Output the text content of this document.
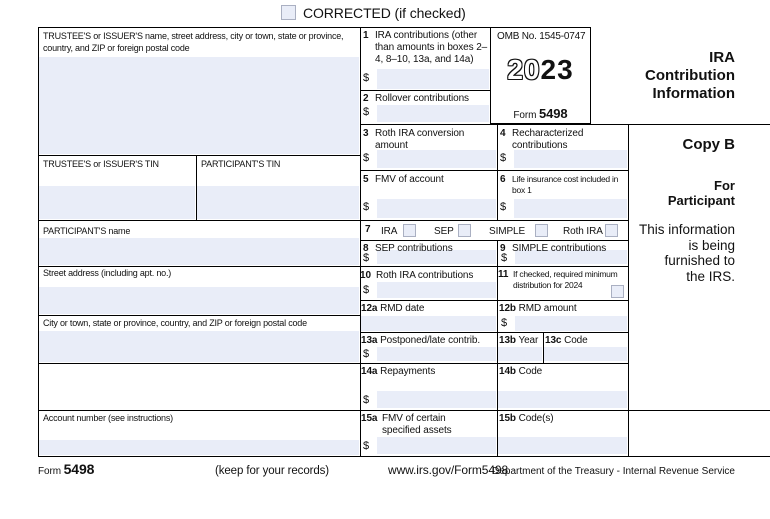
CORRECTED (if checked)
TRUSTEE'S or ISSUER'S name, street address, city or town, state or province, country, and ZIP or foreign postal code
TRUSTEE'S or ISSUER'S TIN	PARTICIPANT'S TIN
PARTICIPANT'S name
Street address (including apt. no.)
City or town, state or province, country, and ZIP or foreign postal code
Account number (see instructions)
OMB No. 1545-0747
2023
Form 5498
IRA
Contribution
Information
Copy B
For
Participant
This information
is being
furnished to
the IRS.
1 IRA contributions (other than amounts in boxes 2–4, 8–10, 13a, and 14a)
$
2 Rollover contributions
$
3 Roth IRA conversion amount
$
4 Recharacterized contributions
$
5 FMV of account
$
6 Life insurance cost included in box 1
$
7 IRA	SEP	SIMPLE	Roth IRA
8 SEP contributions
$
9 SIMPLE contributions
$
10 Roth IRA contributions
$
11 If checked, required minimum distribution for 2024
12a RMD date	12b RMD amount
$
13a Postponed/late contrib.
$
13b Year 13c Code
14a Repayments
$
14b Code
15a FMV of certain specified assets
$
15b Code(s)
Form 5498	(keep for your records)	www.irs.gov/Form5498
Department of the Treasury - Internal Revenue Service
